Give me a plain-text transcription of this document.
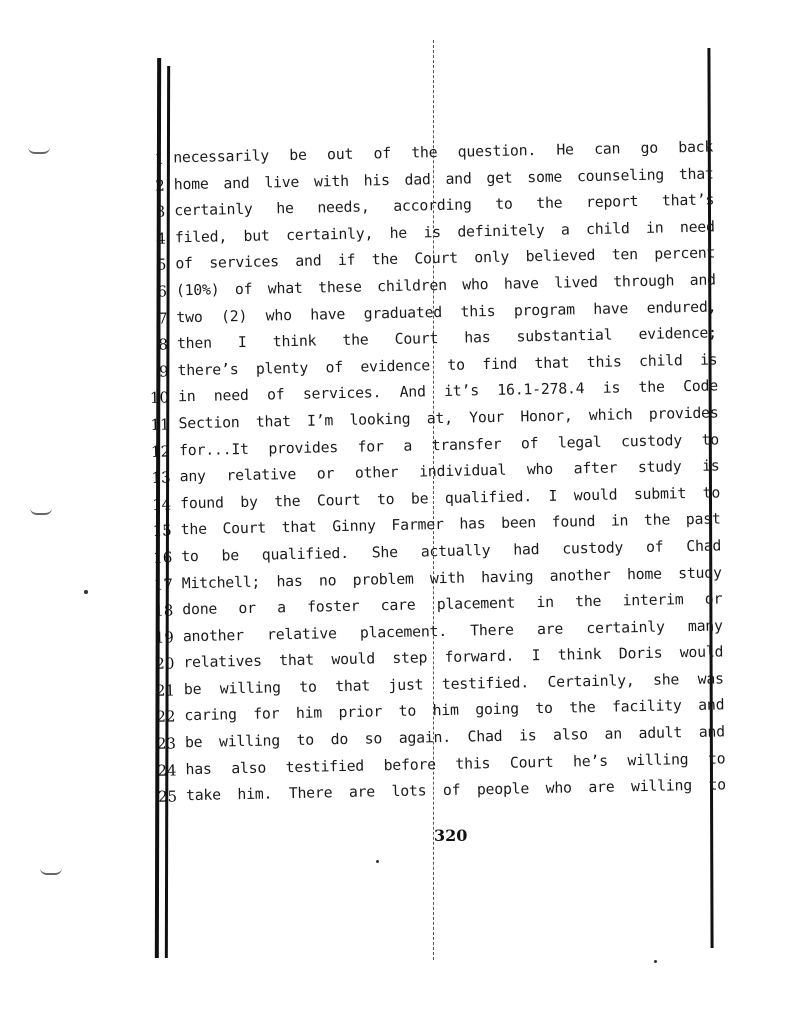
1 necessarily be out of the question. He can go back
2 home and live with his dad and get some counseling that
3 certainly he needs, according to the report that’s
4 filed, but certainly, he is definitely a child in need
5 of services and if the Court only believed ten percent
6 (10%) of what these children who have lived through and
7 two (2) who have graduated this program have endured,
8 then I think the Court has substantial evidence;
9 there’s plenty of evidence to find that this child is
10 in need of services. And it’s 16.1-278.4 is the Code
11 Section that I’m looking at, Your Honor, which provides
12 for...It provides for a transfer of legal custody to
13 any relative or other individual who after study is
14 found by the Court to be qualified. I would submit to
15 the Court that Ginny Farmer has been found in the past
16 to be qualified. She actually had custody of Chad
17 Mitchell; has no problem with having another home study
18 done or a foster care placement in the interim or
19 another relative placement. There are certainly many
20 relatives that would step forward. I think Doris would
21 be willing to that just testified. Certainly, she was
22 caring for him prior to him going to the facility and
23 be willing to do so again. Chad is also an adult and
24 has also testified before this Court he’s willing to
25 take him. There are lots of people who are willing to
320
